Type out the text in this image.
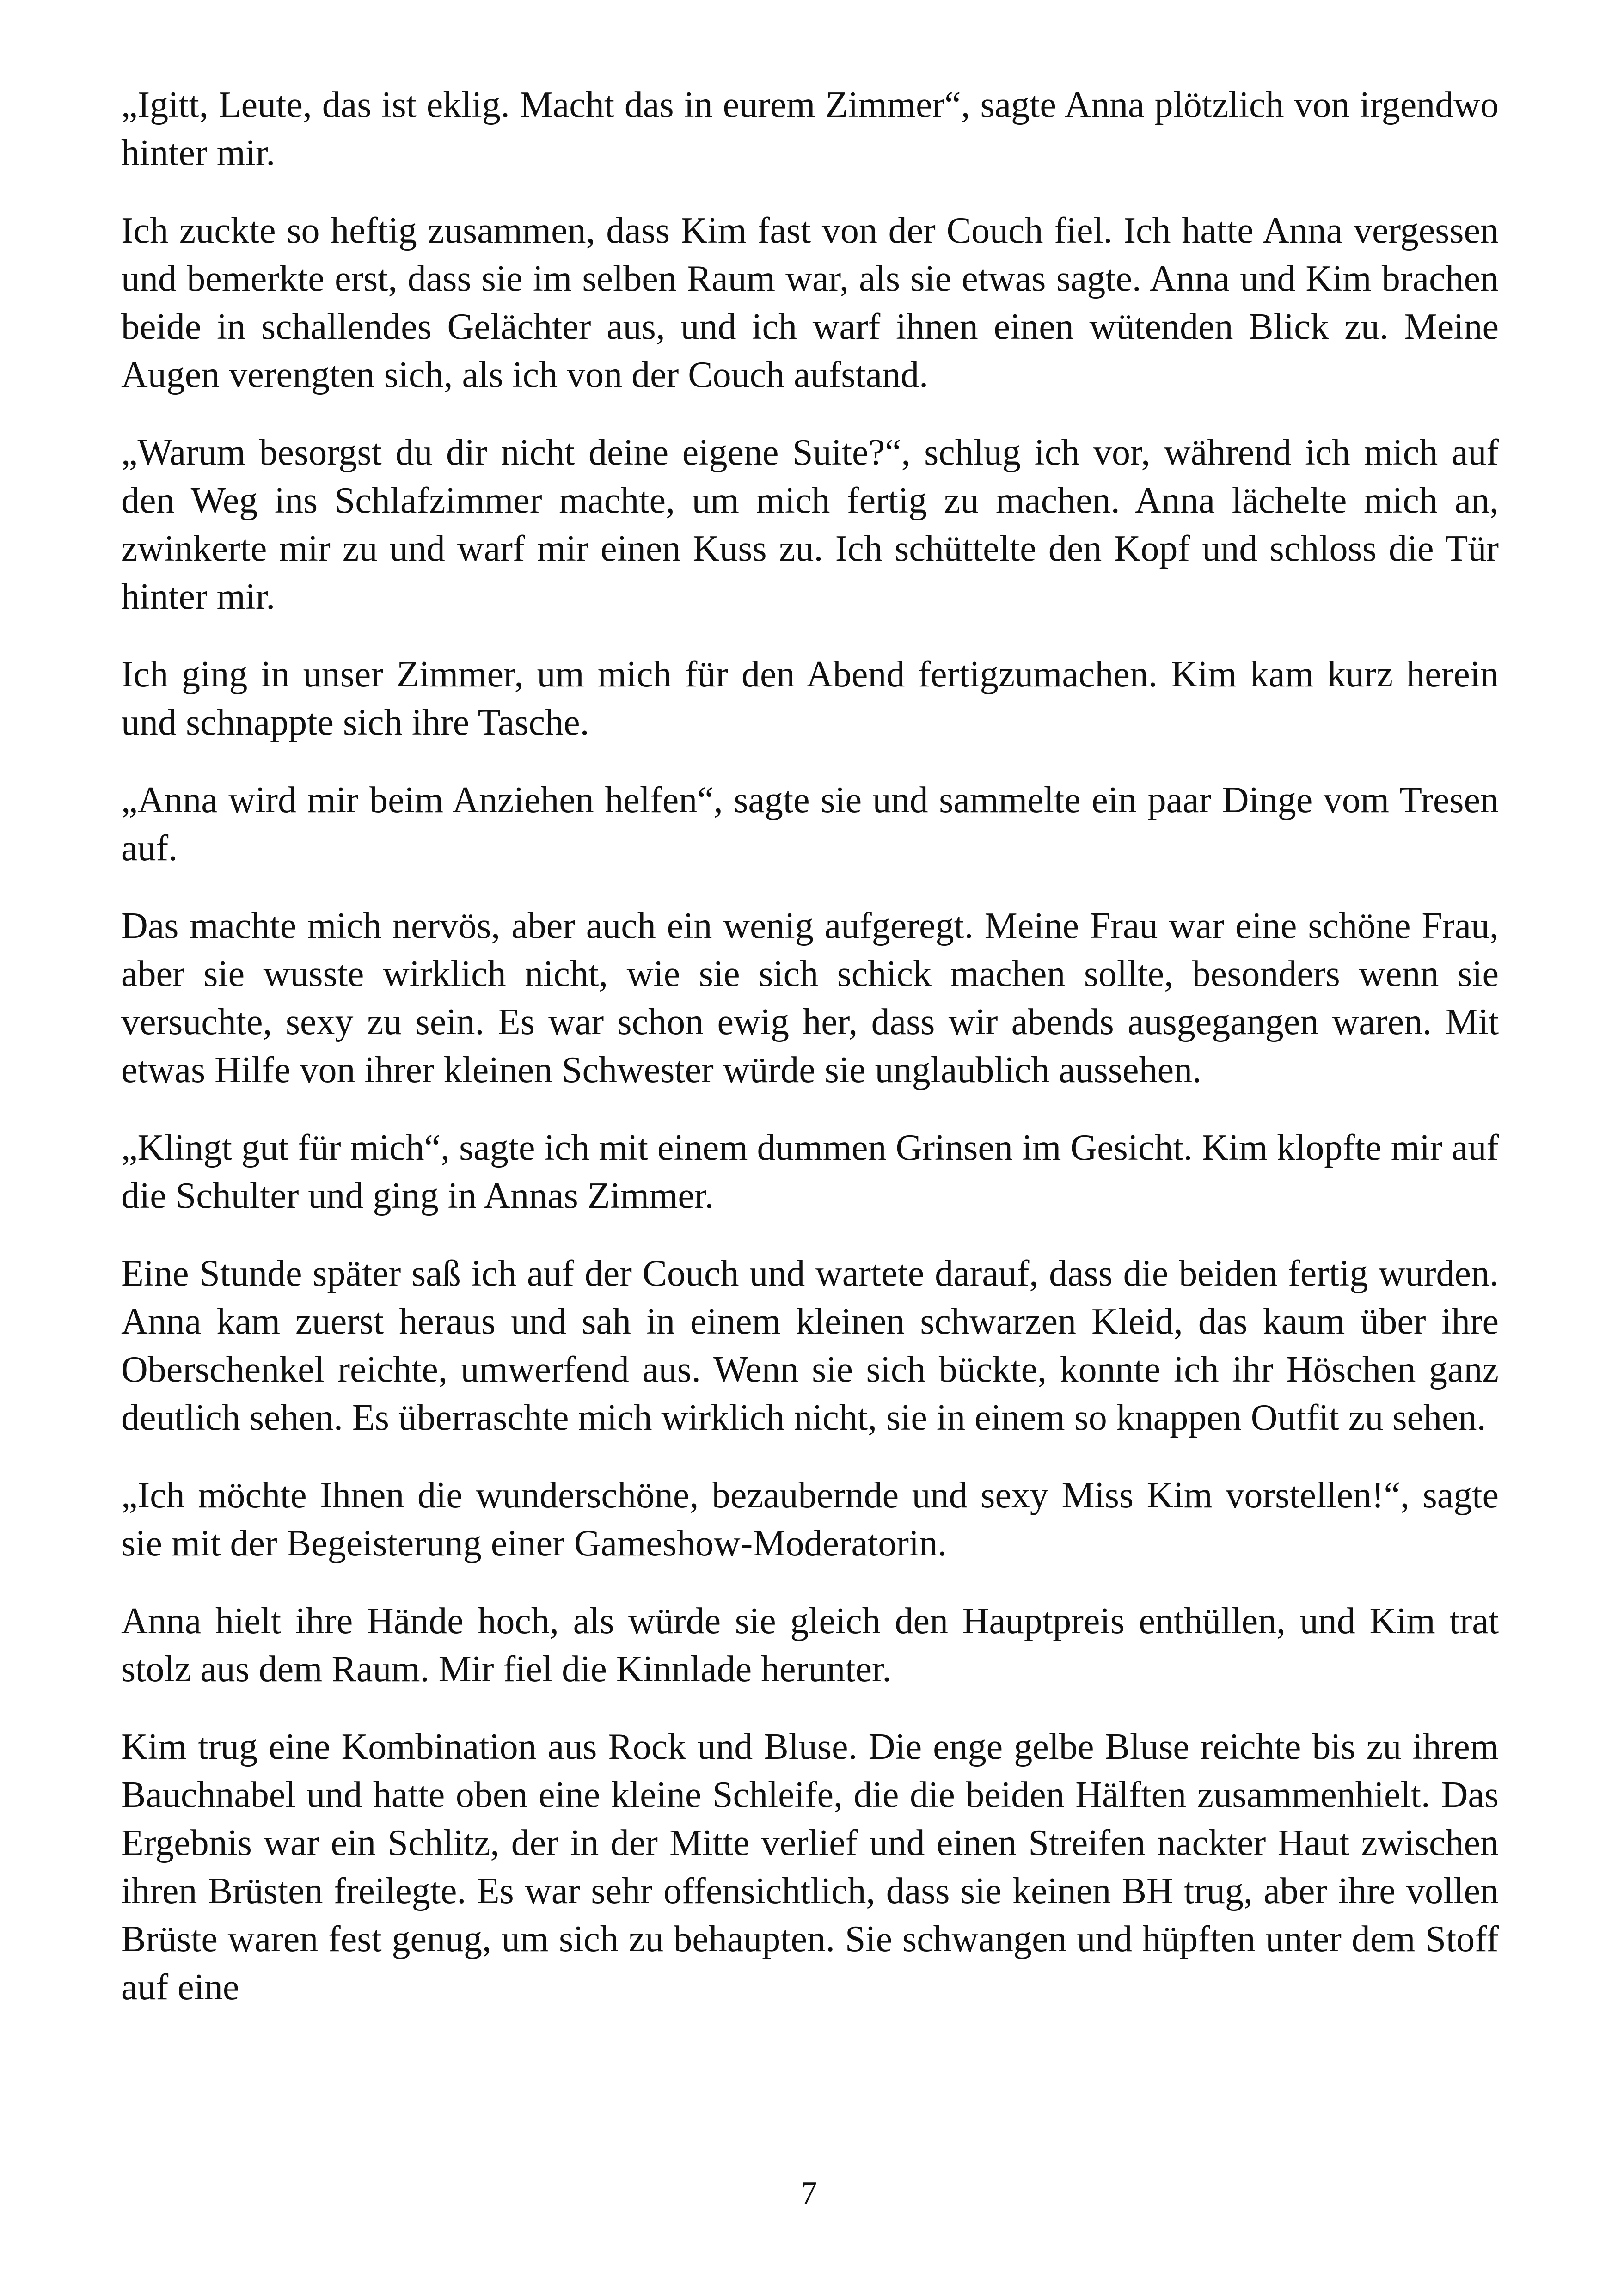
„Igitt, Leute, das ist eklig. Macht das in eurem Zimmer“, sagte Anna plötzlich von irgendwo hinter mir.

Ich zuckte so heftig zusammen, dass Kim fast von der Couch fiel. Ich hatte Anna vergessen und bemerkte erst, dass sie im selben Raum war, als sie etwas sagte. Anna und Kim brachen beide in schallendes Gelächter aus, und ich warf ihnen einen wütenden Blick zu. Meine Augen verengten sich, als ich von der Couch aufstand.

„Warum besorgst du dir nicht deine eigene Suite?“, schlug ich vor, während ich mich auf den Weg ins Schlafzimmer machte, um mich fertig zu machen. Anna lächelte mich an, zwinkerte mir zu und warf mir einen Kuss zu. Ich schüttelte den Kopf und schloss die Tür hinter mir.

Ich ging in unser Zimmer, um mich für den Abend fertigzumachen. Kim kam kurz herein und schnappte sich ihre Tasche.

„Anna wird mir beim Anziehen helfen“, sagte sie und sammelte ein paar Dinge vom Tresen auf.

Das machte mich nervös, aber auch ein wenig aufgeregt. Meine Frau war eine schöne Frau, aber sie wusste wirklich nicht, wie sie sich schick machen sollte, besonders wenn sie versuchte, sexy zu sein. Es war schon ewig her, dass wir abends ausgegangen waren. Mit etwas Hilfe von ihrer kleinen Schwester würde sie unglaublich aussehen.

„Klingt gut für mich“, sagte ich mit einem dummen Grinsen im Gesicht. Kim klopfte mir auf die Schulter und ging in Annas Zimmer.

Eine Stunde später saß ich auf der Couch und wartete darauf, dass die beiden fertig wurden. Anna kam zuerst heraus und sah in einem kleinen schwarzen Kleid, das kaum über ihre Oberschenkel reichte, umwerfend aus. Wenn sie sich bückte, konnte ich ihr Höschen ganz deutlich sehen. Es überraschte mich wirklich nicht, sie in einem so knappen Outfit zu sehen.

„Ich möchte Ihnen die wunderschöne, bezaubernde und sexy Miss Kim vorstellen!“, sagte sie mit der Begeisterung einer Gameshow-Moderatorin.

Anna hielt ihre Hände hoch, als würde sie gleich den Hauptpreis enthüllen, und Kim trat stolz aus dem Raum. Mir fiel die Kinnlade herunter.

Kim trug eine Kombination aus Rock und Bluse. Die enge gelbe Bluse reichte bis zu ihrem Bauchnabel und hatte oben eine kleine Schleife, die die beiden Hälften zusammenhielt. Das Ergebnis war ein Schlitz, der in der Mitte verlief und einen Streifen nackter Haut zwischen ihren Brüsten freilegte. Es war sehr offensichtlich, dass sie keinen BH trug, aber ihre vollen Brüste waren fest genug, um sich zu behaupten. Sie schwangen und hüpften unter dem Stoff auf eine

7
